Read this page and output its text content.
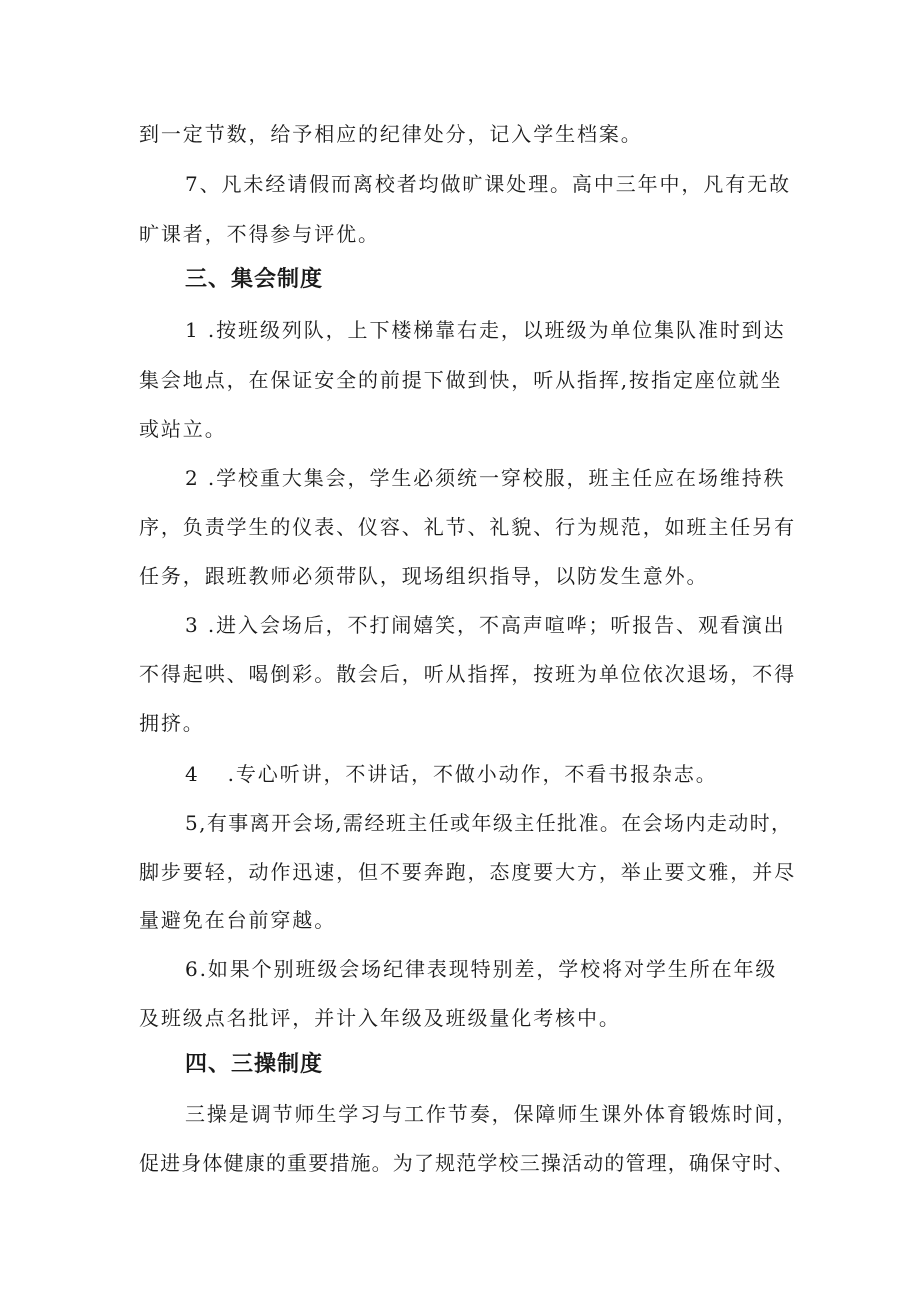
到一定节数，给予相应的纪律处分，记入学生档案。
7、凡未经请假而离校者均做旷课处理。高中三年中，凡有无故
旷课者，不得参与评优。
三、集会制度
1 .按班级列队，上下楼梯靠右走，以班级为单位集队准时到达
集会地点，在保证安全的前提下做到快，听从指挥,按指定座位就坐
或站立。
2 .学校重大集会，学生必须统一穿校服，班主任应在场维持秩
序，负责学生的仪表、仪容、礼节、礼貌、行为规范，如班主任另有
任务，跟班教师必须带队，现场组织指导，以防发生意外。
3 .进入会场后，不打闹嬉笑，不高声喧哗；听报告、观看演出
不得起哄、喝倒彩。散会后，听从指挥，按班为单位依次退场，不得
拥挤。
4 .专心听讲，不讲话，不做小动作，不看书报杂志。
5,有事离开会场,需经班主任或年级主任批准。在会场内走动时，
脚步要轻，动作迅速，但不要奔跑，态度要大方，举止要文雅，并尽
量避免在台前穿越。
6.如果个别班级会场纪律表现特别差，学校将对学生所在年级
及班级点名批评，并计入年级及班级量化考核中。
四、三操制度
三操是调节师生学习与工作节奏，保障师生课外体育锻炼时间，
促进身体健康的重要措施。为了规范学校三操活动的管理，确保守时、
